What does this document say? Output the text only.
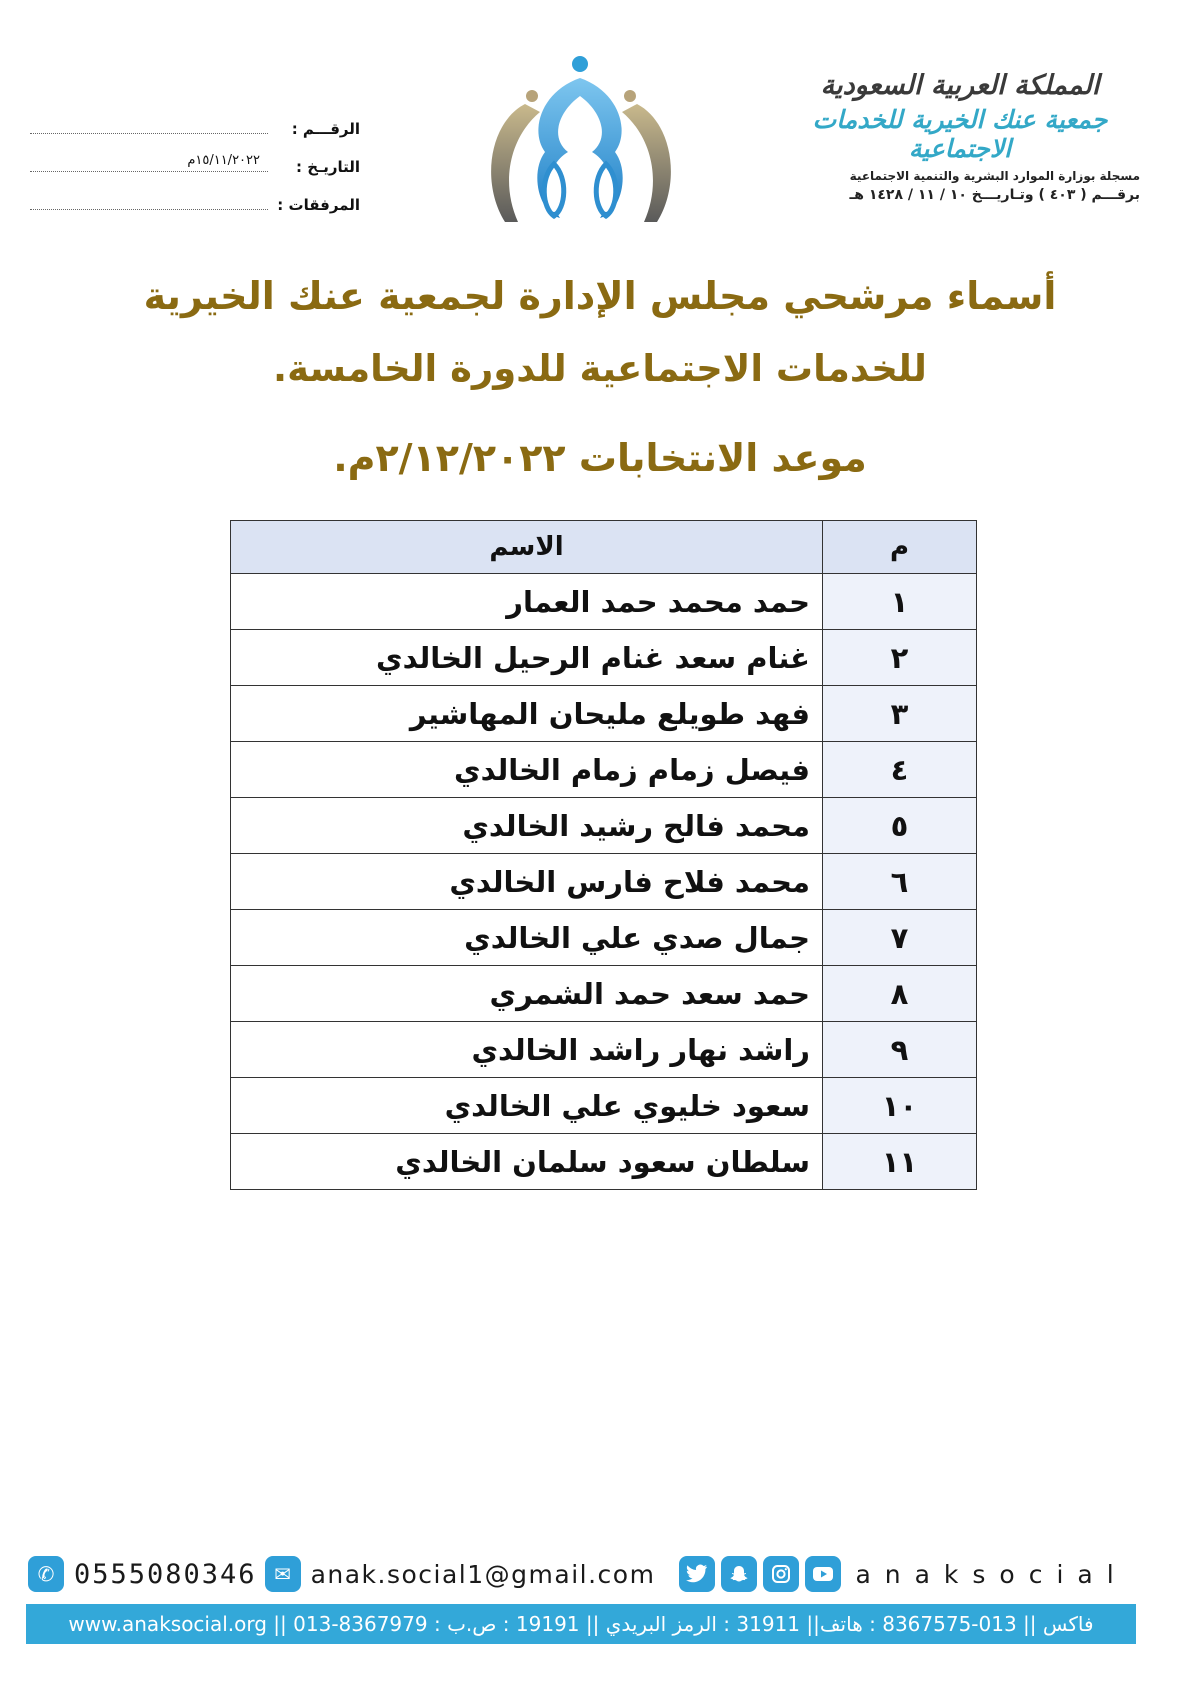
الرقـــم :
التاريـخ :
١٥/١١/٢٠٢٢م
المرفقات :
المملكة العربية السعودية
جمعية عنك الخيرية للخدمات الاجتماعية
مسجلة بوزارة الموارد البشرية والتنمية الاجتماعية
برقـــم ( ٤٠٣ ) وتـاريـــخ ١٠ / ١١ / ١٤٢٨ هـ
أسماء مرشحي مجلس الإدارة لجمعية عنك الخيرية
للخدمات الاجتماعية للدورة الخامسة.
موعد الانتخابات ٢/١٢/٢٠٢٢م.
م	الاسم
١	حمد محمد حمد العمار
٢	غنام سعد غنام الرحيل الخالدي
٣	فهد طويلع مليحان المهاشير
٤	فيصل زمام زمام الخالدي
٥	محمد فالح رشيد الخالدي
٦	محمد فلاح فارس الخالدي
٧	جمال صدي علي الخالدي
٨	حمد سعد حمد الشمري
٩	راشد نهار راشد الخالدي
١٠	سعود خليوي علي الخالدي
١١	سلطان سعود سلمان الخالدي
✆ 0555080346 ✉ anak.social1@gmail.com	anaksocial
www.anaksocial.org || 013-8367979 : فاكس || 013-8367575 : هاتف|| 31911 : الرمز البريدي || 19191 : ص.ب
